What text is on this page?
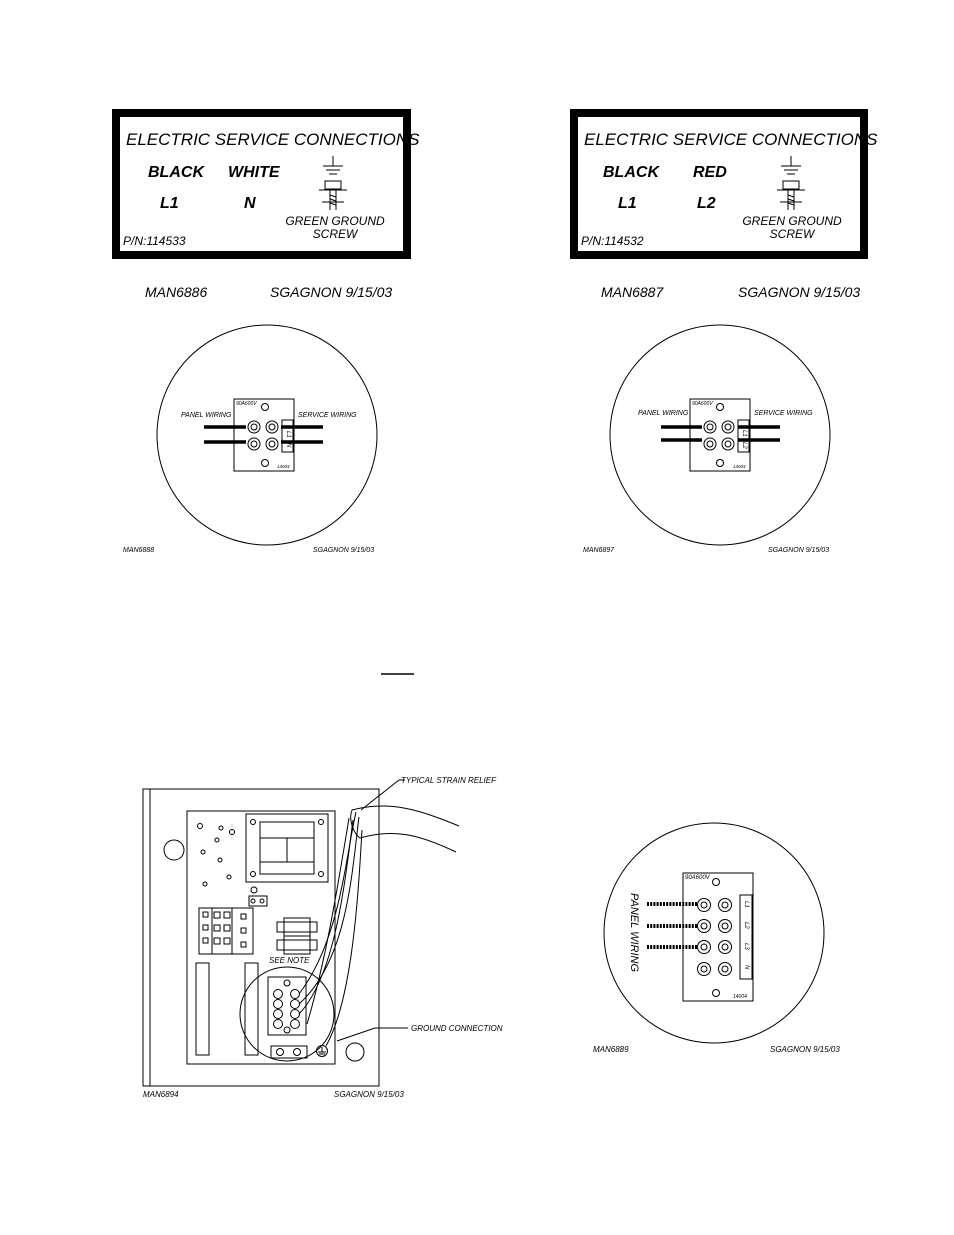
ELECTRIC SERVICE CONNECTIONS
BLACK WHITE
L1	N
GREEN GROUND
SCREW
P/N:114533
MAN6886	SGAGNON 9/15/03
ELECTRIC SERVICE CONNECTIONS
BLACK RED
L1	L2
GREEN GROUND
SCREW
P/N:114532
MAN6887	SGAGNON 9/15/03
PANEL WIRING	SERVICE WIRING
90A600V
L1
N
14004
MAN6888	SGAGNON 9/15/03
PANEL WIRING	SERVICE WIRING
90A600V
L1
L2
14004
MAN6897	SGAGNON 9/15/03
NOTE
TYPICAL STRAIN RELIEF
SEE NOTE
GROUND CONNECTION
MAN6894	SGAGNON 9/15/03
PANEL WIRING
90A600V
L1
L2
L3
N
14004
MAN6889	SGAGNON 9/15/03
